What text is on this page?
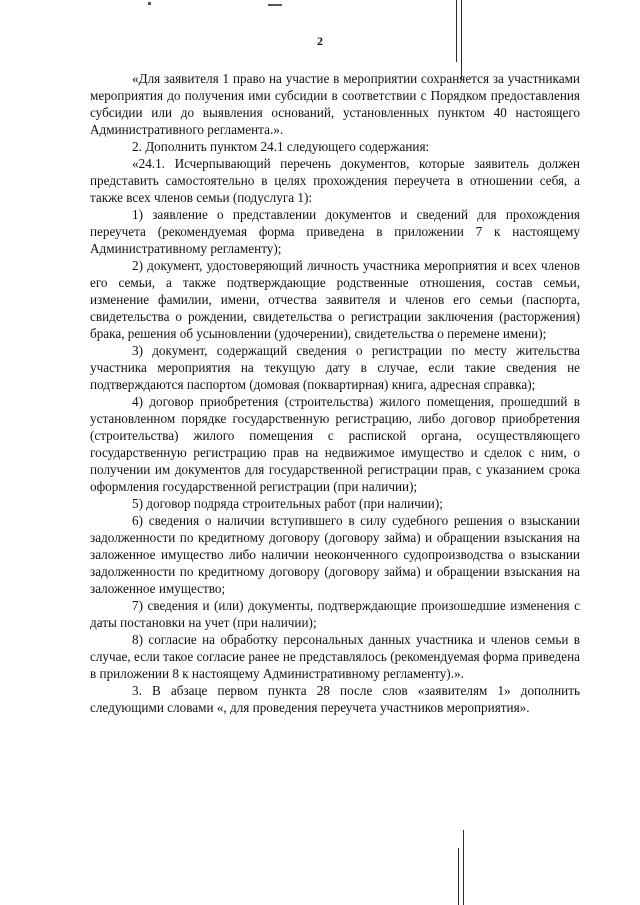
2

«Для заявителя 1 право на участие в мероприятии сохраняется за участниками мероприятия до получения ими субсидии в соответствии с Порядком предоставления субсидии или до выявления оснований, установленных пунктом 40 настоящего Административного регламента.».

2. Дополнить пунктом 24.1 следующего содержания:

«24.1. Исчерпывающий перечень документов, которые заявитель должен представить самостоятельно в целях прохождения переучета в отношении себя, а также всех членов семьи (подуслуга 1):

1) заявление о представлении документов и сведений для прохождения переучета (рекомендуемая форма приведена в приложении 7 к настоящему Административному регламенту);

2) документ, удостоверяющий личность участника мероприятия и всех членов его семьи, а также подтверждающие родственные отношения, состав семьи, изменение фамилии, имени, отчества заявителя и членов его семьи (паспорта, свидетельства о рождении, свидетельства о регистрации заключения (расторжения) брака, решения об усыновлении (удочерении), свидетельства о перемене имени);

3) документ, содержащий сведения о регистрации по месту жительства участника мероприятия на текущую дату в случае, если такие сведения не подтверждаются паспортом (домовая (поквартирная) книга, адресная справка);

4) договор приобретения (строительства) жилого помещения, прошедший в установленном порядке государственную регистрацию, либо договор приобретения (строительства) жилого помещения с распиской органа, осуществляющего государственную регистрацию прав на недвижимое имущество и сделок с ним, о получении им документов для государственной регистрации прав, с указанием срока оформления государственной регистрации (при наличии);

5) договор подряда строительных работ (при наличии);

6) сведения о наличии вступившего в силу судебного решения о взыскании задолженности по кредитному договору (договору займа) и обращении взыскания на заложенное имущество либо наличии неоконченного судопроизводства о взыскании задолженности по кредитному договору (договору займа) и обращении взыскания на заложенное имущество;

7) сведения и (или) документы, подтверждающие произошедшие изменения с даты постановки на учет (при наличии);

8) согласие на обработку персональных данных участника и членов семьи в случае, если такое согласие ранее не представлялось (рекомендуемая форма приведена в приложении 8 к настоящему Административному регламенту).».

3. В абзаце первом пункта 28 после слов «заявителям 1» дополнить следующими словами «, для проведения переучета участников мероприятия».
